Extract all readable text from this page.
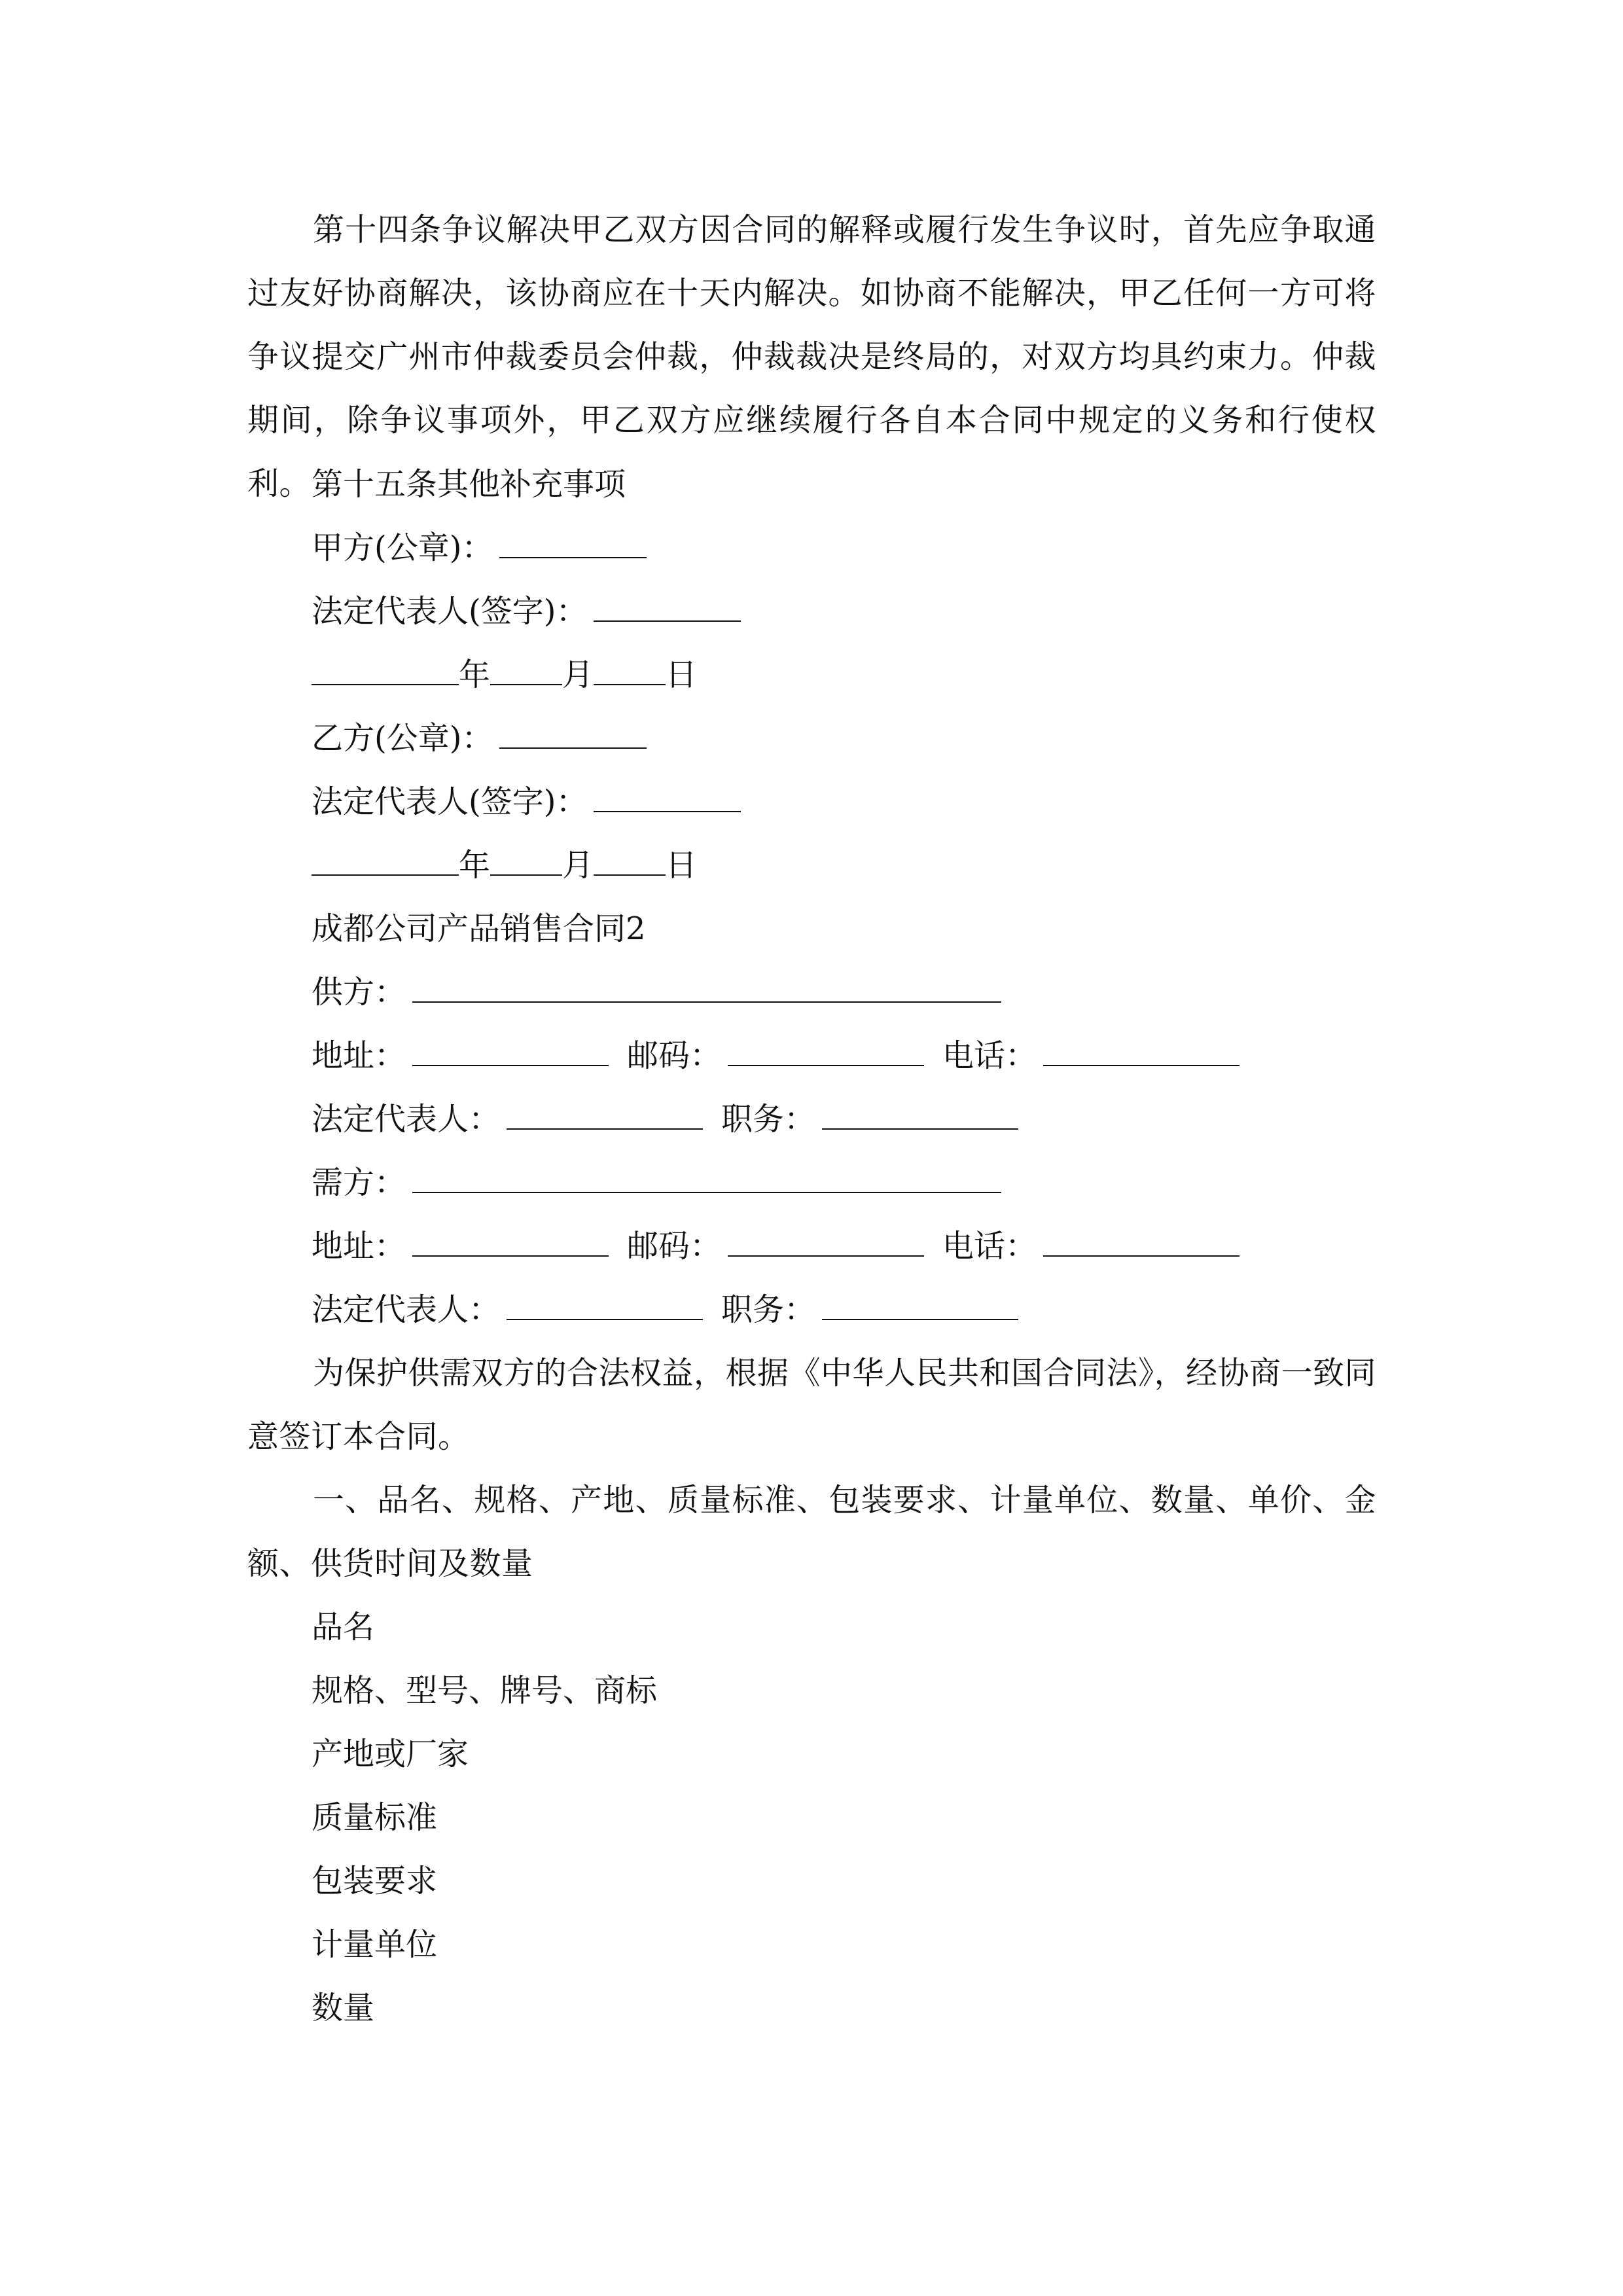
第十四条争议解决甲乙双方因合同的解释或履行发生争议时，首先应争取通过友好协商解决，该协商应在十天内解决。如协商不能解决，甲乙任何一方可将争议提交广州市仲裁委员会仲裁，仲裁裁决是终局的，对双方均具约束力。仲裁期间，除争议事项外，甲乙双方应继续履行各自本合同中规定的义务和行使权利。 第十五条其他补充事项
甲方(公章)：
法定代表人(签字)：
年 月 日
乙方(公章)：
法定代表人(签字)：
年 月 日
成都公司产品销售合同2
供方：
地址：	邮码：	电话：
法定代表人：	职务：
需方：
地址：	邮码：	电话：
法定代表人：	职务：

为保护供需双方的合法权益，根据《中华人民共和国合同法》，经协商一致同意签订本合同。

一、品名、规格、产地、质量标准、包装要求、计量单位、数量、单价、金额、供货时间及数量

品名
规格、型号、牌号、商标
产地或厂家
质量标准
包装要求
计量单位
数量
